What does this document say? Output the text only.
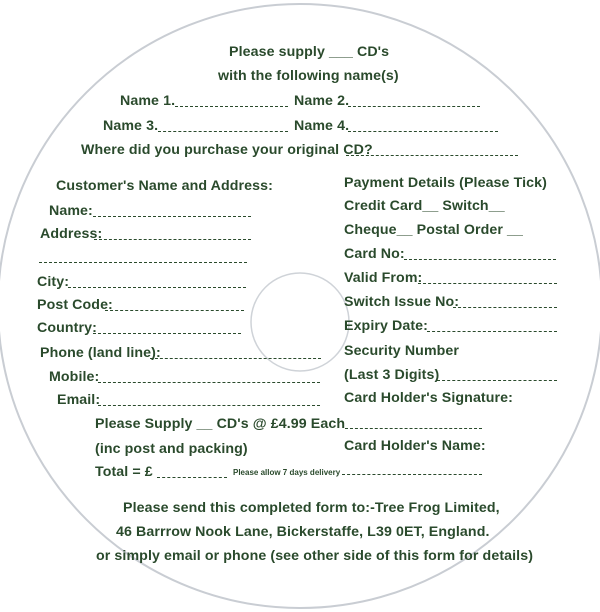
Please supply ___ CD's
with the following name(s)
Name 1.	Name 2.
Name 3.	Name 4.
Where did you purchase your original CD?
Customer's Name and Address:
Name:
Address:
City:
Post Code:
Country:
Phone (land line):
Mobile:
Email:
Please Supply __ CD's @ £4.99 Each
(inc post and packing)
Total = £	Please allow 7 days delivery
Payment Details (Please Tick)
Credit Card__ Switch__
Cheque__ Postal Order __
Card No:
Valid From:
Switch Issue No:
Expiry Date:
Security Number
(Last 3 Digits)
Card Holder's Signature:
Card Holder's Name:
Please send this completed form to:-Tree Frog Limited,
46 Barrrow Nook Lane, Bickerstaffe, L39 0ET, England.
or simply email or phone (see other side of this form for details)
